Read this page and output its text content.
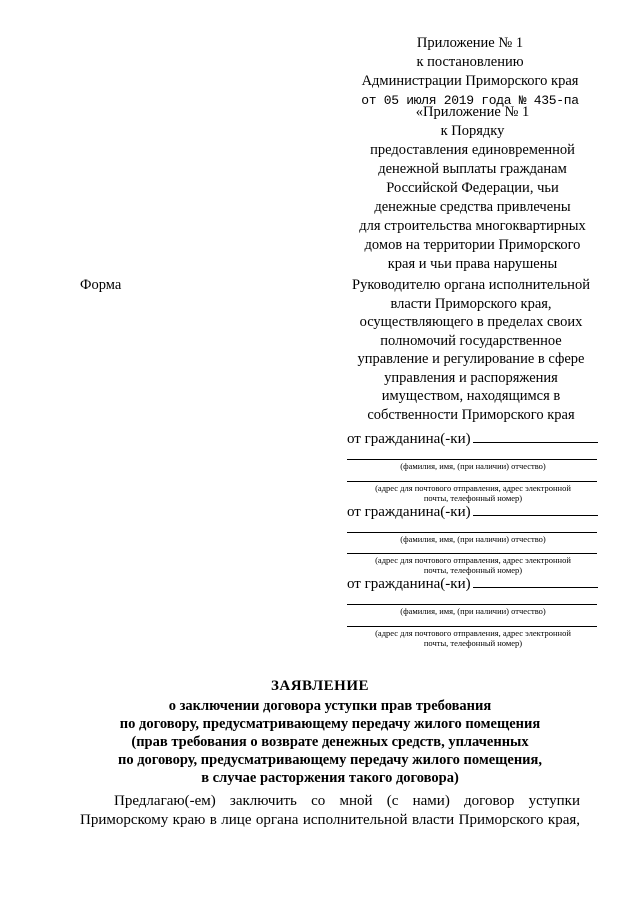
Приложение № 1
к постановлению
Администрации Приморского края
от 05 июля 2019 года № 435-па
«Приложение № 1
к Порядку
предоставления единовременной
денежной выплаты гражданам
Российской Федерации, чьи
денежные средства привлечены
для строительства многоквартирных
домов на территории Приморского
края и чьи права нарушены
Форма	Руководителю органа исполнительной
власти Приморского края,
осуществляющего в пределах своих
полномочий государственное
управление и регулирование в сфере
управления и распоряжения
имуществом, находящимся в
собственности Приморского края
от гражданина(-ки)
(фамилия, имя, (при наличии) отчество)
(адрес для почтового отправления, адрес электронной
почты, телефонный номер)
от гражданина(-ки)
(фамилия, имя, (при наличии) отчество)
(адрес для почтового отправления, адрес электронной
почты, телефонный номер)
от гражданина(-ки)
(фамилия, имя, (при наличии) отчество)
(адрес для почтового отправления, адрес электронной
почты, телефонный номер)
ЗАЯВЛЕНИЕ
о заключении договора уступки прав требования
по договору, предусматривающему передачу жилого помещения
(прав требования о возврате денежных средств, уплаченных
по договору, предусматривающему передачу жилого помещения,
в случае расторжения такого договора)
Предлагаю(-ем) заключить со мной (с нами) договор уступки
Приморскому краю в лице органа исполнительной власти Приморского края,
